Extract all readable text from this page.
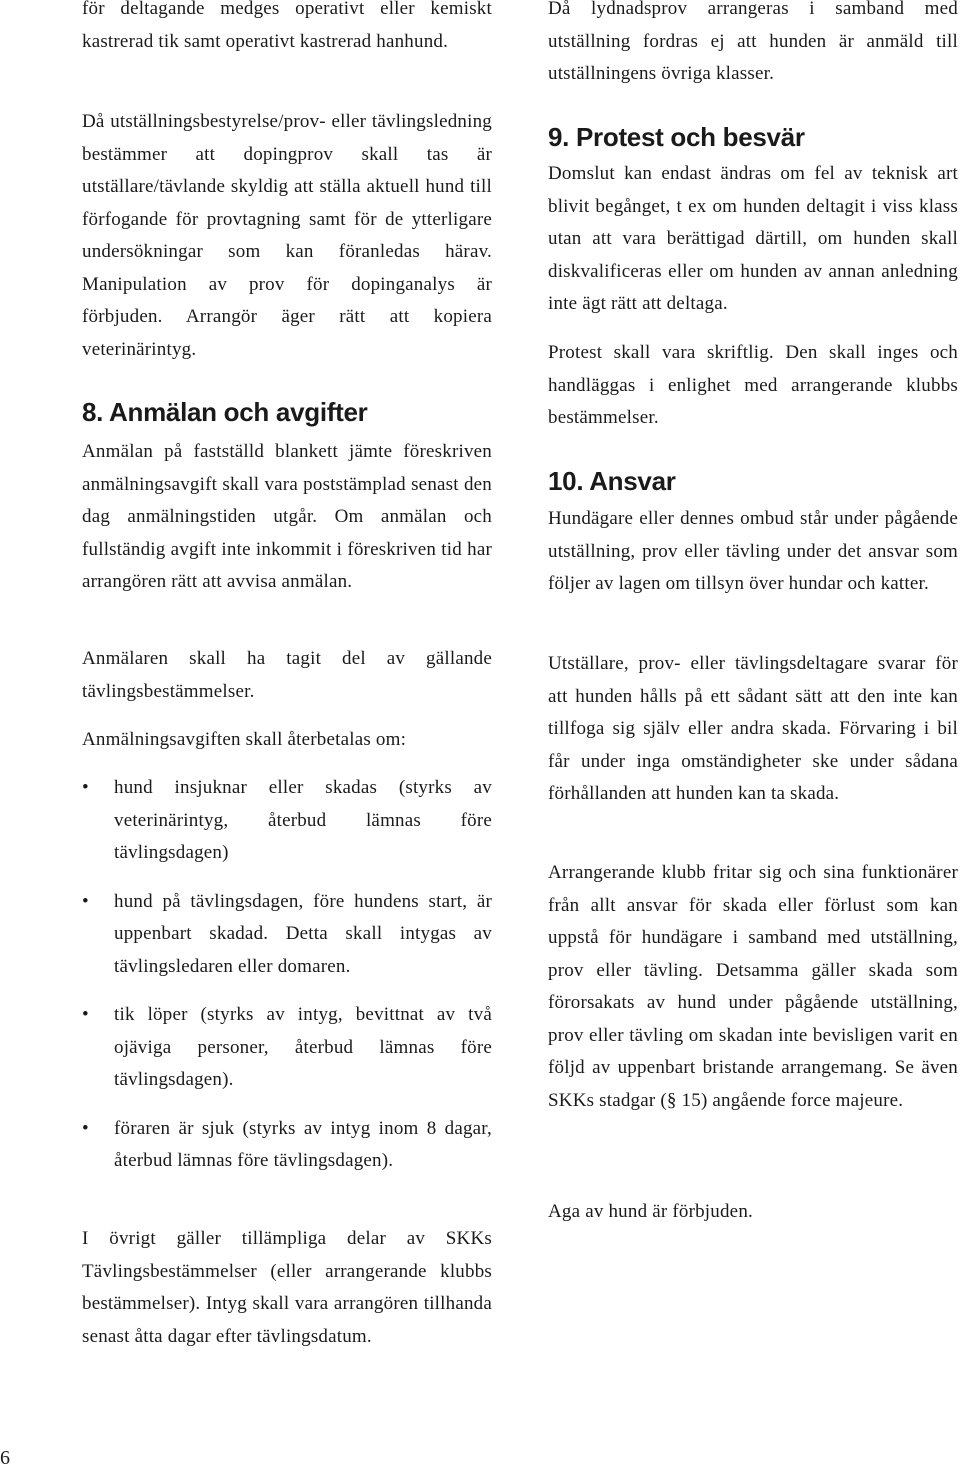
för deltagande medges operativt eller kemiskt kastrerad tik samt operativt kastrerad hanhund.

Då utställningsbestyrelse/prov- eller tävlingsledning bestämmer att dopingprov skall tas är utställare/tävlande skyldig att ställa aktuell hund till förfogande för provtagning samt för de ytterligare undersökningar som kan föranledas härav. Manipulation av prov för dopinganalys är förbjuden. Arrangör äger rätt att kopiera veterinärintyg.

8. Anmälan och avgifter

Anmälan på fastställd blankett jämte föreskriven anmälningsavgift skall vara poststämplad senast den dag anmälningstiden utgår. Om anmälan och fullständig avgift inte inkommit i föreskriven tid har arrangören rätt att avvisa anmälan.

Anmälaren skall ha tagit del av gällande tävlingsbestämmelser.

Anmälningsavgiften skall återbetalas om:

•	hund insjuknar eller skadas (styrks av veterinärintyg, återbud lämnas före tävlingsdagen)
•	hund på tävlingsdagen, före hundens start, är uppenbart skadad. Detta skall intygas av tävlingsledaren eller domaren.
•	tik löper (styrks av intyg, bevittnat av två ojäviga personer, återbud lämnas före tävlingsdagen).
•	föraren är sjuk (styrks av intyg inom 8 dagar, återbud lämnas före tävlingsdagen).

I övrigt gäller tillämpliga delar av SKKs Tävlingsbestämmelser (eller arrangerande klubbs bestämmelser). Intyg skall vara arrangören tillhanda senast åtta dagar efter tävlingsdatum.

Då lydnadsprov arrangeras i samband med utställning fordras ej att hunden är anmäld till utställningens övriga klasser.

9. Protest och besvär

Domslut kan endast ändras om fel av teknisk art blivit begånget, t ex om hunden deltagit i viss klass utan att vara berättigad därtill, om hunden skall diskvalificeras eller om hunden av annan anledning inte ägt rätt att deltaga.

Protest skall vara skriftlig. Den skall inges och handläggas i enlighet med arrangerande klubbs bestämmelser.

10. Ansvar

Hundägare eller dennes ombud står under pågående utställning, prov eller tävling under det ansvar som följer av lagen om tillsyn över hundar och katter.

Utställare, prov- eller tävlingsdeltagare svarar för att hunden hålls på ett sådant sätt att den inte kan tillfoga sig själv eller andra skada. Förvaring i bil får under inga omständigheter ske under sådana förhållanden att hunden kan ta skada.

Arrangerande klubb fritar sig och sina funktionärer från allt ansvar för skada eller förlust som kan uppstå för hundägare i samband med utställning, prov eller tävling. Detsamma gäller skada som förorsakats av hund under pågående utställning, prov eller tävling om skadan inte bevisligen varit en följd av uppenbart bristande arrangemang. Se även SKKs stadgar (§ 15) angående force majeure.

Aga av hund är förbjuden.

6
